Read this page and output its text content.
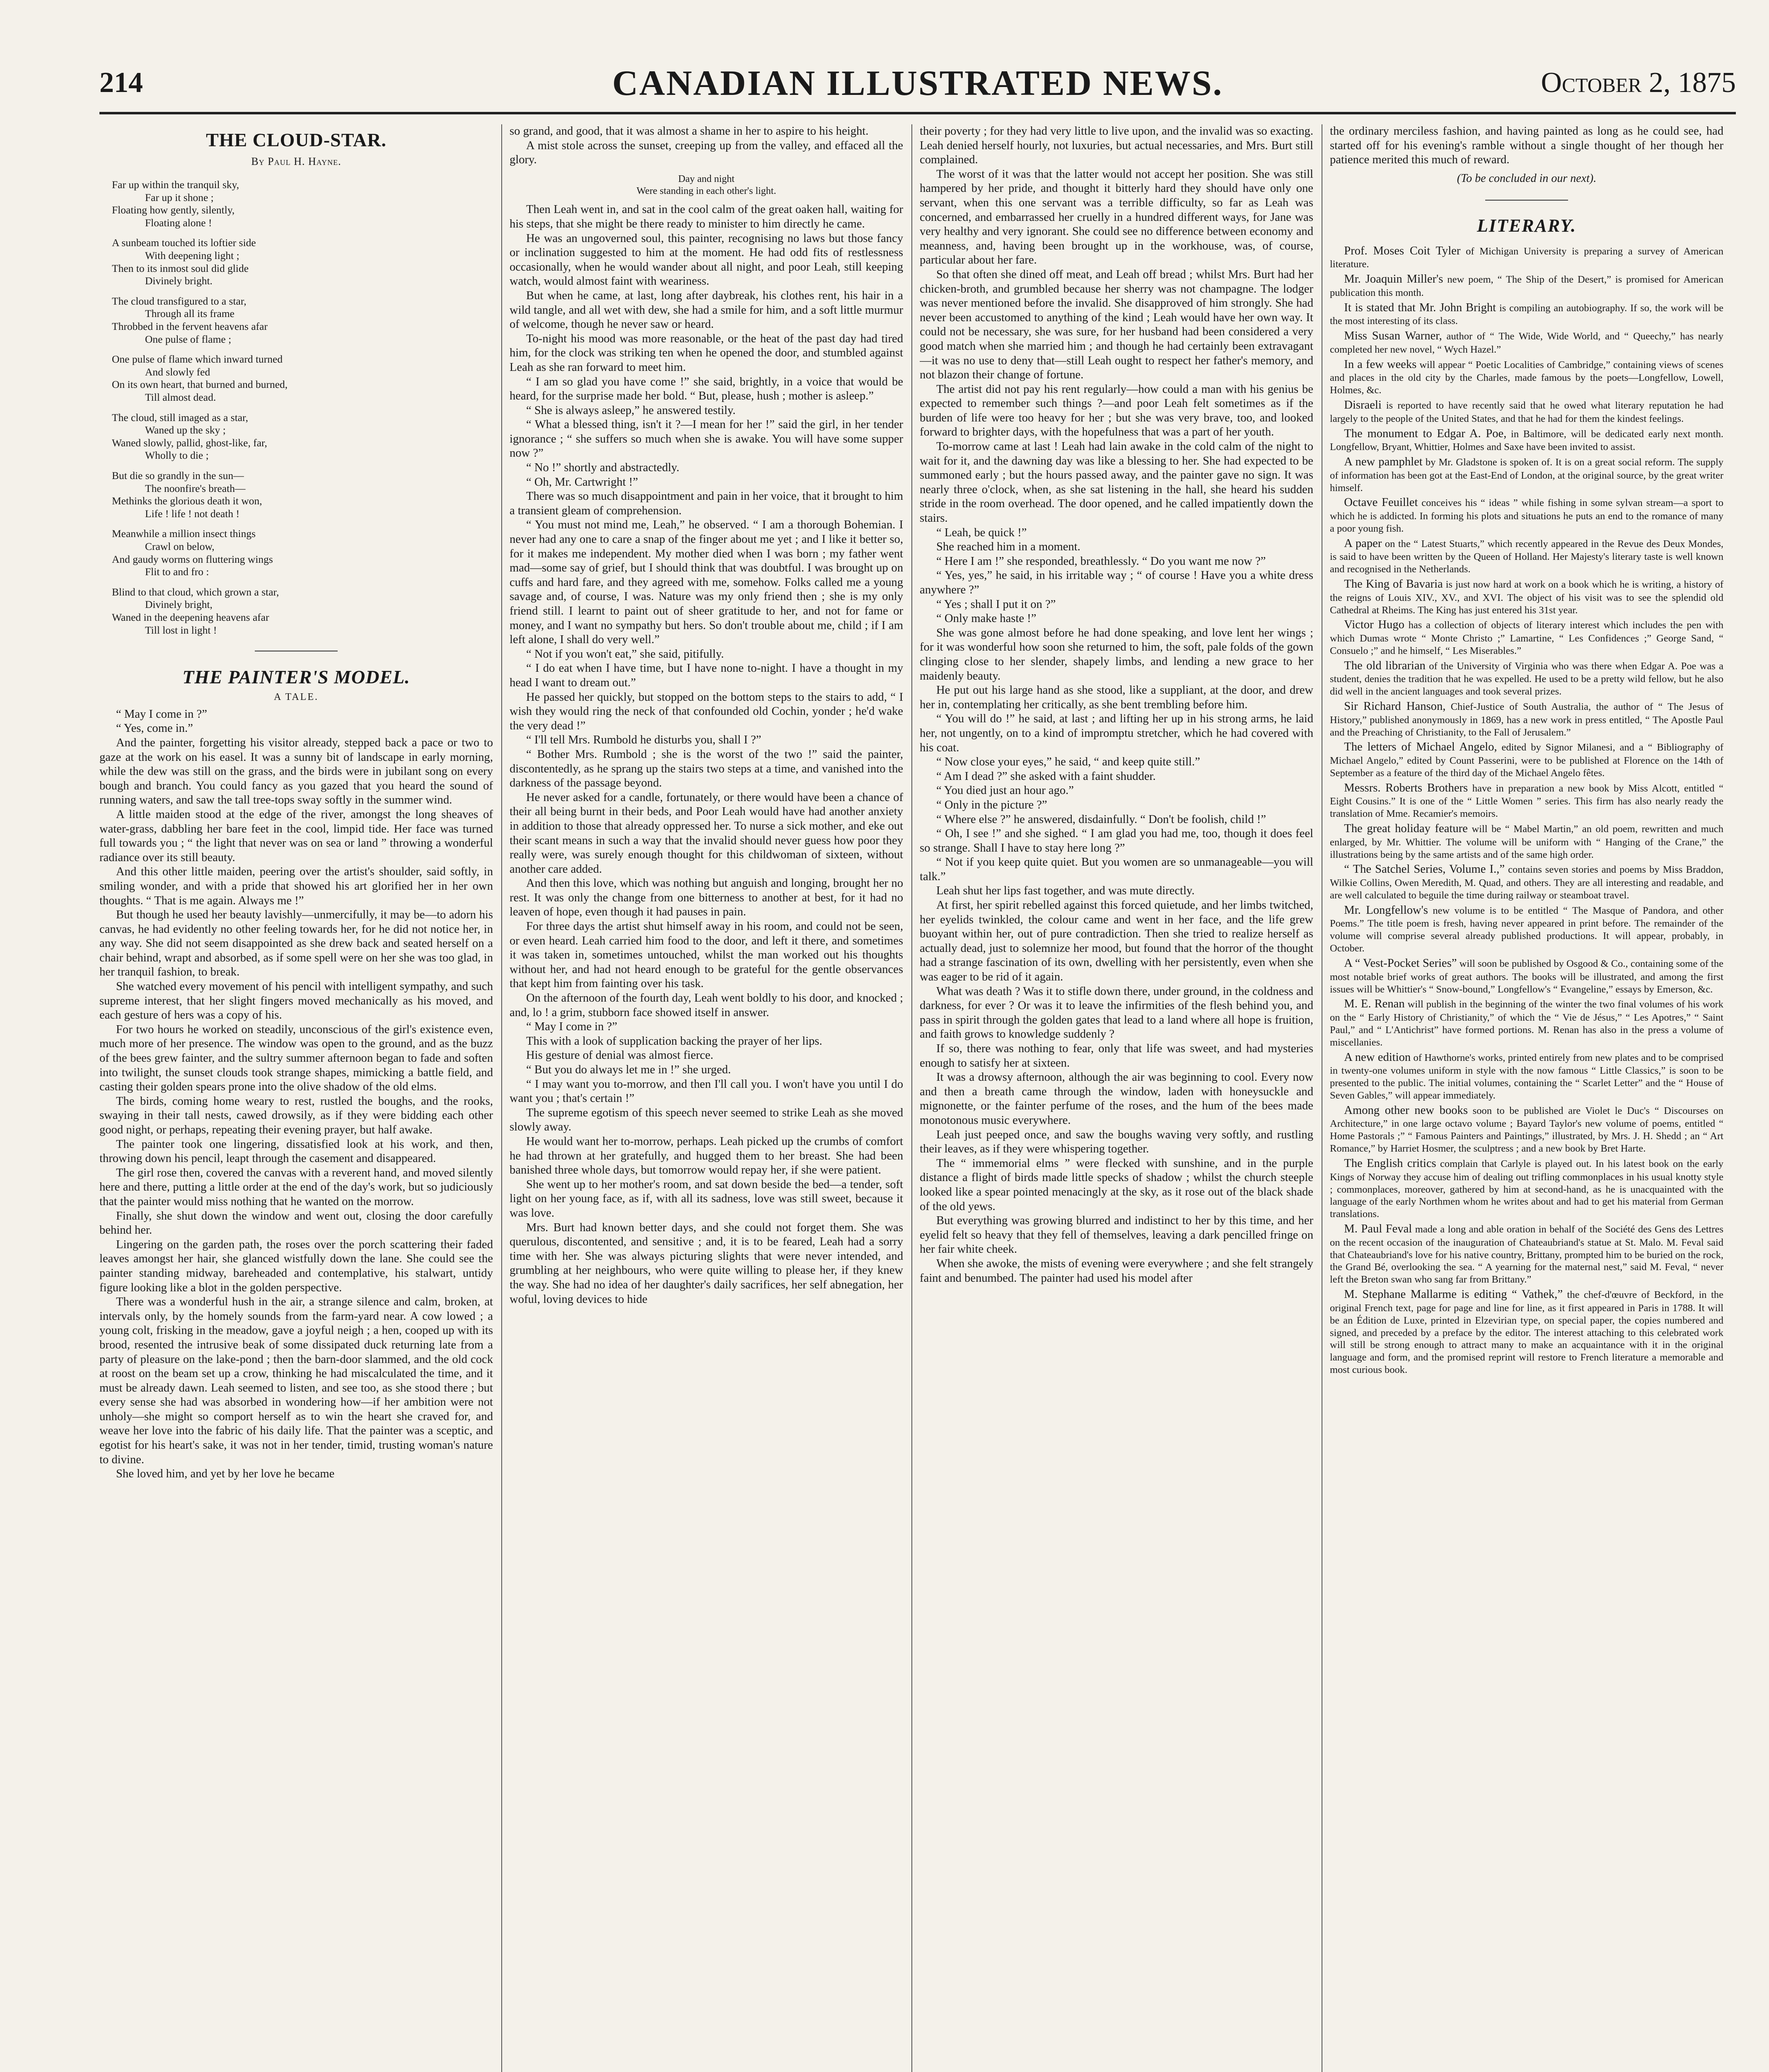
214	CANADIAN ILLUSTRATED NEWS.	October 2, 1875
THE CLOUD-STAR.
By Paul H. Hayne.
Far up within the tranquil sky,
Far up it shone ;
Floating how gently, silently,
Floating alone !
A sunbeam touched its loftier side
With deepening light ;
Then to its inmost soul did glide
Divinely bright.
The cloud transfigured to a star,
Through all its frame
Throbbed in the fervent heavens afar
One pulse of flame ;
One pulse of flame which inward turned
And slowly fed
On its own heart, that burned and burned,
Till almost dead.
The cloud, still imaged as a star,
Waned up the sky ;
Waned slowly, pallid, ghost-like, far,
Wholly to die ;
But die so grandly in the sun—
The noonfire's breath—
Methinks the glorious death it won,
Life ! life ! not death !
Meanwhile a million insect things
Crawl on below,
And gaudy worms on fluttering wings
Flit to and fro :
Blind to that cloud, which grown a star,
Divinely bright,
Waned in the deepening heavens afar
Till lost in light !
THE PAINTER'S MODEL.
A TALE.

“ May I come in ?”

“ Yes, come in.”

And the painter, forgetting his visitor already, stepped back a pace or two to gaze at the work on his easel. It was a sunny bit of landscape in early morning, while the dew was still on the grass, and the birds were in jubilant song on every bough and branch. You could fancy as you gazed that you heard the sound of running waters, and saw the tall tree-tops sway softly in the summer wind.

A little maiden stood at the edge of the river, amongst the long sheaves of water-grass, dabbling her bare feet in the cool, limpid tide. Her face was turned full towards you ; “ the light that never was on sea or land ” throwing a wonderful radiance over its still beauty.

And this other little maiden, peering over the artist's shoulder, said softly, in smiling wonder, and with a pride that showed his art glorified her in her own thoughts. “ That is me again. Always me !”

But though he used her beauty lavishly—unmercifully, it may be—to adorn his canvas, he had evidently no other feeling towards her, for he did not notice her, in any way. She did not seem disappointed as she drew back and seated herself on a chair behind, wrapt and absorbed, as if some spell were on her she was too glad, in her tranquil fashion, to break.

She watched every movement of his pencil with intelligent sympathy, and such supreme interest, that her slight fingers moved mechanically as his moved, and each gesture of hers was a copy of his.

For two hours he worked on steadily, unconscious of the girl's existence even, much more of her presence. The window was open to the ground, and as the buzz of the bees grew fainter, and the sultry summer afternoon began to fade and soften into twilight, the sunset clouds took strange shapes, mimicking a battle field, and casting their golden spears prone into the olive shadow of the old elms.

The birds, coming home weary to rest, rustled the boughs, and the rooks, swaying in their tall nests, cawed drowsily, as if they were bidding each other good night, or perhaps, repeating their evening prayer, but half awake.

The painter took one lingering, dissatisfied look at his work, and then, throwing down his pencil, leapt through the casement and disappeared.

The girl rose then, covered the canvas with a reverent hand, and moved silently here and there, putting a little order at the end of the day's work, but so judiciously that the painter would miss nothing that he wanted on the morrow.

Finally, she shut down the window and went out, closing the door carefully behind her.

Lingering on the garden path, the roses over the porch scattering their faded leaves amongst her hair, she glanced wistfully down the lane. She could see the painter standing midway, bareheaded and contemplative, his stalwart, untidy figure looking like a blot in the golden perspective.

There was a wonderful hush in the air, a strange silence and calm, broken, at intervals only, by the homely sounds from the farm-yard near. A cow lowed ; a young colt, frisking in the meadow, gave a joyful neigh ; a hen, cooped up with its brood, resented the intrusive beak of some dissipated duck returning late from a party of pleasure on the lake-pond ; then the barn-door slammed, and the old cock at roost on the beam set up a crow, thinking he had miscalculated the time, and it must be already dawn. Leah seemed to listen, and see too, as she stood there ; but every sense she had was absorbed in wondering how—if her ambition were not unholy—she might so comport herself as to win the heart she craved for, and weave her love into the fabric of his daily life. That the painter was a sceptic, and egotist for his heart's sake, it was not in her tender, timid, trusting woman's nature to divine.

She loved him, and yet by her love he became

so grand, and good, that it was almost a shame in her to aspire to his height.

A mist stole across the sunset, creeping up from the valley, and effaced all the glory.

Day and night
Were standing in each other's light.

Then Leah went in, and sat in the cool calm of the great oaken hall, waiting for his steps, that she might be there ready to minister to him directly he came.

He was an ungoverned soul, this painter, recognising no laws but those fancy or inclination suggested to him at the moment. He had odd fits of restlessness occasionally, when he would wander about all night, and poor Leah, still keeping watch, would almost faint with weariness.

But when he came, at last, long after daybreak, his clothes rent, his hair in a wild tangle, and all wet with dew, she had a smile for him, and a soft little murmur of welcome, though he never saw or heard.

To-night his mood was more reasonable, or the heat of the past day had tired him, for the clock was striking ten when he opened the door, and stumbled against Leah as she ran forward to meet him.

“ I am so glad you have come !” she said, brightly, in a voice that would be heard, for the surprise made her bold. “ But, please, hush ; mother is asleep.”

“ She is always asleep,” he answered testily.

“ What a blessed thing, isn't it ?—I mean for her !” said the girl, in her tender ignorance ; “ she suffers so much when she is awake. You will have some supper now ?”

“ No !” shortly and abstractedly.

“ Oh, Mr. Cartwright !”

There was so much disappointment and pain in her voice, that it brought to him a transient gleam of comprehension.

“ You must not mind me, Leah,” he observed. “ I am a thorough Bohemian. I never had any one to care a snap of the finger about me yet ; and I like it better so, for it makes me independent. My mother died when I was born ; my father went mad—some say of grief, but I should think that was doubtful. I was brought up on cuffs and hard fare, and they agreed with me, somehow. Folks called me a young savage and, of course, I was. Nature was my only friend then ; she is my only friend still. I learnt to paint out of sheer gratitude to her, and not for fame or money, and I want no sympathy but hers. So don't trouble about me, child ; if I am left alone, I shall do very well.”

“ Not if you won't eat,” she said, pitifully.

“ I do eat when I have time, but I have none to-night. I have a thought in my head I want to dream out.”

He passed her quickly, but stopped on the bottom steps to the stairs to add, “ I wish they would ring the neck of that confounded old Cochin, yonder ; he'd wake the very dead !”

“ I'll tell Mrs. Rumbold he disturbs you, shall I ?”

“ Bother Mrs. Rumbold ; she is the worst of the two !” said the painter, discontentedly, as he sprang up the stairs two steps at a time, and vanished into the darkness of the passage beyond.

He never asked for a candle, fortunately, or there would have been a chance of their all being burnt in their beds, and Poor Leah would have had another anxiety in addition to those that already oppressed her. To nurse a sick mother, and eke out their scant means in such a way that the invalid should never guess how poor they really were, was surely enough thought for this childwoman of sixteen, without another care added.

And then this love, which was nothing but anguish and longing, brought her no rest. It was only the change from one bitterness to another at best, for it had no leaven of hope, even though it had pauses in pain.

For three days the artist shut himself away in his room, and could not be seen, or even heard. Leah carried him food to the door, and left it there, and sometimes it was taken in, sometimes untouched, whilst the man worked out his thoughts without her, and had not heard enough to be grateful for the gentle observances that kept him from fainting over his task.

On the afternoon of the fourth day, Leah went boldly to his door, and knocked ; and, lo ! a grim, stubborn face showed itself in answer.

“ May I come in ?”

This with a look of supplication backing the prayer of her lips.

His gesture of denial was almost fierce.

“ But you do always let me in !” she urged.

“ I may want you to-morrow, and then I'll call you. I won't have you until I do want you ; that's certain !”

The supreme egotism of this speech never seemed to strike Leah as she moved slowly away.

He would want her to-morrow, perhaps. Leah picked up the crumbs of comfort he had thrown at her gratefully, and hugged them to her breast. She had been banished three whole days, but tomorrow would repay her, if she were patient.

She went up to her mother's room, and sat down beside the bed—a tender, soft light on her young face, as if, with all its sadness, love was still sweet, because it was love.

Mrs. Burt had known better days, and she could not forget them. She was querulous, discontented, and sensitive ; and, it is to be feared, Leah had a sorry time with her. She was always picturing slights that were never intended, and grumbling at her neighbours, who were quite willing to please her, if they knew the way. She had no idea of her daughter's daily sacrifices, her self abnegation, her woful, loving devices to hide

their poverty ; for they had very little to live upon, and the invalid was so exacting. Leah denied herself hourly, not luxuries, but actual necessaries, and Mrs. Burt still complained.

The worst of it was that the latter would not accept her position. She was still hampered by her pride, and thought it bitterly hard they should have only one servant, when this one servant was a terrible difficulty, so far as Leah was concerned, and embarrassed her cruelly in a hundred different ways, for Jane was very healthy and very ignorant. She could see no difference between economy and meanness, and, having been brought up in the workhouse, was, of course, particular about her fare.

So that often she dined off meat, and Leah off bread ; whilst Mrs. Burt had her chicken-broth, and grumbled because her sherry was not champagne. The lodger was never mentioned before the invalid. She disapproved of him strongly. She had never been accustomed to anything of the kind ; Leah would have her own way. It could not be necessary, she was sure, for her husband had been considered a very good match when she married him ; and though he had certainly been extravagant—it was no use to deny that—still Leah ought to respect her father's memory, and not blazon their change of fortune.

The artist did not pay his rent regularly—how could a man with his genius be expected to remember such things ?—and poor Leah felt sometimes as if the burden of life were too heavy for her ; but she was very brave, too, and looked forward to brighter days, with the hopefulness that was a part of her youth.

To-morrow came at last ! Leah had lain awake in the cold calm of the night to wait for it, and the dawning day was like a blessing to her. She had expected to be summoned early ; but the hours passed away, and the painter gave no sign. It was nearly three o'clock, when, as she sat listening in the hall, she heard his sudden stride in the room overhead. The door opened, and he called impatiently down the stairs.

“ Leah, be quick !”

She reached him in a moment.

“ Here I am !” she responded, breathlessly. “ Do you want me now ?”

“ Yes, yes,” he said, in his irritable way ; “ of course ! Have you a white dress anywhere ?”

“ Yes ; shall I put it on ?”

“ Only make haste !”

She was gone almost before he had done speaking, and love lent her wings ; for it was wonderful how soon she returned to him, the soft, pale folds of the gown clinging close to her slender, shapely limbs, and lending a new grace to her maidenly beauty.

He put out his large hand as she stood, like a suppliant, at the door, and drew her in, contemplating her critically, as she bent trembling before him.

“ You will do !” he said, at last ; and lifting her up in his strong arms, he laid her, not ungently, on to a kind of impromptu stretcher, which he had covered with his coat.

“ Now close your eyes,” he said, “ and keep quite still.”

“ Am I dead ?” she asked with a faint shudder.

“ You died just an hour ago.”

“ Only in the picture ?”

“ Where else ?” he answered, disdainfully. “ Don't be foolish, child !”

“ Oh, I see !” and she sighed. “ I am glad you had me, too, though it does feel so strange. Shall I have to stay here long ?”

“ Not if you keep quite quiet. But you women are so unmanageable—you will talk.”

Leah shut her lips fast together, and was mute directly.

At first, her spirit rebelled against this forced quietude, and her limbs twitched, her eyelids twinkled, the colour came and went in her face, and the life grew buoyant within her, out of pure contradiction. Then she tried to realize herself as actually dead, just to solemnize her mood, but found that the horror of the thought had a strange fascination of its own, dwelling with her persistently, even when she was eager to be rid of it again.

What was death ? Was it to stifle down there, under ground, in the coldness and darkness, for ever ? Or was it to leave the infirmities of the flesh behind you, and pass in spirit through the golden gates that lead to a land where all hope is fruition, and faith grows to knowledge suddenly ?

If so, there was nothing to fear, only that life was sweet, and had mysteries enough to satisfy her at sixteen.

It was a drowsy afternoon, although the air was beginning to cool. Every now and then a breath came through the window, laden with honeysuckle and mignonette, or the fainter perfume of the roses, and the hum of the bees made monotonous music everywhere.

Leah just peeped once, and saw the boughs waving very softly, and rustling their leaves, as if they were whispering together.

The “ immemorial elms ” were flecked with sunshine, and in the purple distance a flight of birds made little specks of shadow ; whilst the church steeple looked like a spear pointed menacingly at the sky, as it rose out of the black shade of the old yews.

But everything was growing blurred and indistinct to her by this time, and her eyelid felt so heavy that they fell of themselves, leaving a dark pencilled fringe on her fair white cheek.

When she awoke, the mists of evening were everywhere ; and she felt strangely faint and benumbed. The painter had used his model after

the ordinary merciless fashion, and having painted as long as he could see, had started off for his evening's ramble without a single thought of her though her patience merited this much of reward.

(To be concluded in our next).
LITERARY.

Prof. Moses Coit Tyler of Michigan University is preparing a survey of American literature.

Mr. Joaquin Miller's new poem, “ The Ship of the Desert,” is promised for American publication this month.

It is stated that Mr. John Bright is compiling an autobiography. If so, the work will be the most interesting of its class.

Miss Susan Warner, author of “ The Wide, Wide World, and “ Queechy,” has nearly completed her new novel, “ Wych Hazel.”

In a few weeks will appear “ Poetic Localities of Cambridge,” containing views of scenes and places in the old city by the Charles, made famous by the poets—Longfellow, Lowell, Holmes, &c.

Disraeli is reported to have recently said that he owed what literary reputation he had largely to the people of the United States, and that he had for them the kindest feelings.

The monument to Edgar A. Poe, in Baltimore, will be dedicated early next month. Longfellow, Bryant, Whittier, Holmes and Saxe have been invited to assist.

A new pamphlet by Mr. Gladstone is spoken of. It is on a great social reform. The supply of information has been got at the East-End of London, at the original source, by the great writer himself.

Octave Feuillet conceives his “ ideas ” while fishing in some sylvan stream—a sport to which he is addicted. In forming his plots and situations he puts an end to the romance of many a poor young fish.

A paper on the “ Latest Stuarts,” which recently appeared in the Revue des Deux Mondes, is said to have been written by the Queen of Holland. Her Majesty's literary taste is well known and recognised in the Netherlands.

The King of Bavaria is just now hard at work on a book which he is writing, a history of the reigns of Louis XIV., XV., and XVI. The object of his visit was to see the splendid old Cathedral at Rheims. The King has just entered his 31st year.

Victor Hugo has a collection of objects of literary interest which includes the pen with which Dumas wrote “ Monte Christo ;” Lamartine, “ Les Confidences ;” George Sand, “ Consuelo ;” and he himself, “ Les Miserables.”

The old librarian of the University of Virginia who was there when Edgar A. Poe was a student, denies the tradition that he was expelled. He used to be a pretty wild fellow, but he also did well in the ancient languages and took several prizes.

Sir Richard Hanson, Chief-Justice of South Australia, the author of “ The Jesus of History,” published anonymously in 1869, has a new work in press entitled, “ The Apostle Paul and the Preaching of Christianity, to the Fall of Jerusalem.”

The letters of Michael Angelo, edited by Signor Milanesi, and a “ Bibliography of Michael Angelo,” edited by Count Passerini, were to be published at Florence on the 14th of September as a feature of the third day of the Michael Angelo fêtes.

Messrs. Roberts Brothers have in preparation a new book by Miss Alcott, entitled “ Eight Cousins.” It is one of the “ Little Women ” series. This firm has also nearly ready the translation of Mme. Recamier's memoirs.

The great holiday feature will be “ Mabel Martin,” an old poem, rewritten and much enlarged, by Mr. Whittier. The volume will be uniform with “ Hanging of the Crane,” the illustrations being by the same artists and of the same high order.

“ The Satchel Series, Volume I.,” contains seven stories and poems by Miss Braddon, Wilkie Collins, Owen Meredith, M. Quad, and others. They are all interesting and readable, and are well calculated to beguile the time during railway or steamboat travel.

Mr. Longfellow's new volume is to be entitled “ The Masque of Pandora, and other Poems.” The title poem is fresh, having never appeared in print before. The remainder of the volume will comprise several already published productions. It will appear, probably, in October.

A “ Vest-Pocket Series” will soon be published by Osgood & Co., containing some of the most notable brief works of great authors. The books will be illustrated, and among the first issues will be Whittier's “ Snow-bound,” Longfellow's “ Evangeline,” essays by Emerson, &c.

M. E. Renan will publish in the beginning of the winter the two final volumes of his work on the “ Early History of Christianity,” of which the “ Vie de Jésus,” “ Les Apotres,” “ Saint Paul,” and “ L'Antichrist” have formed portions. M. Renan has also in the press a volume of miscellanies.

A new edition of Hawthorne's works, printed entirely from new plates and to be comprised in twenty-one volumes uniform in style with the now famous “ Little Classics,” is soon to be presented to the public. The initial volumes, containing the “ Scarlet Letter” and the “ House of Seven Gables,” will appear immediately.

Among other new books soon to be published are Violet le Duc's “ Discourses on Architecture,” in one large octavo volume ; Bayard Taylor's new volume of poems, entitled “ Home Pastorals ;” “ Famous Painters and Paintings,” illustrated, by Mrs. J. H. Shedd ; an “ Art Romance,” by Harriet Hosmer, the sculptress ; and a new book by Bret Harte.

The English critics complain that Carlyle is played out. In his latest book on the early Kings of Norway they accuse him of dealing out trifling commonplaces in his usual knotty style ; commonplaces, moreover, gathered by him at second-hand, as he is unacquainted with the language of the early Northmen whom he writes about and had to get his material from German translations.

M. Paul Feval made a long and able oration in behalf of the Société des Gens des Lettres on the recent occasion of the inauguration of Chateaubriand's statue at St. Malo. M. Feval said that Chateaubriand's love for his native country, Brittany, prompted him to be buried on the rock, the Grand Bé, overlooking the sea. “ A yearning for the maternal nest,” said M. Feval, “ never left the Breton swan who sang far from Brittany.”

M. Stephane Mallarme is editing “ Vathek,” the chef-d'œuvre of Beckford, in the original French text, page for page and line for line, as it first appeared in Paris in 1788. It will be an Édition de Luxe, printed in Elzevirian type, on special paper, the copies numbered and signed, and preceded by a preface by the editor. The interest attaching to this celebrated work will still be strong enough to attract many to make an acquaintance with it in the original language and form, and the promised reprint will restore to French literature a memorable and most curious book.
